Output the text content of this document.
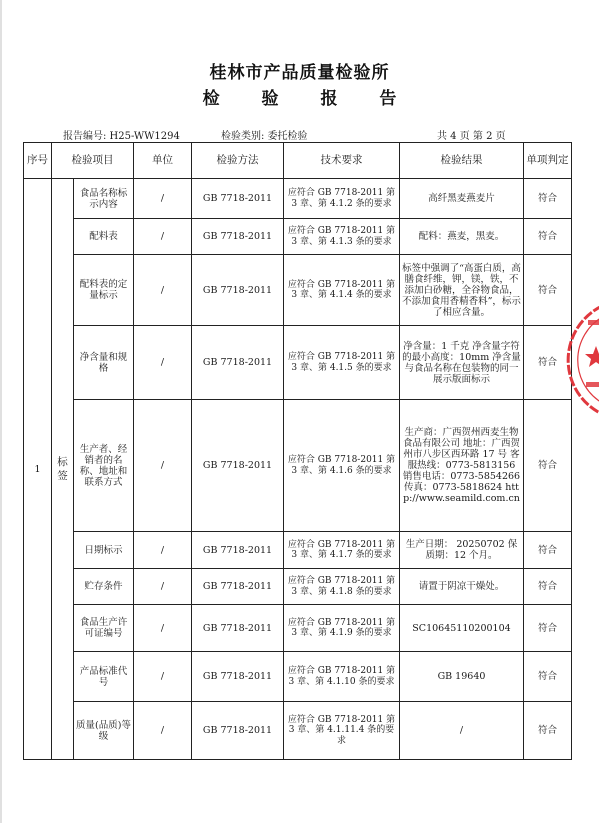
桂林市产品质量检验所
检 验 报 告
报告编号: H25-WW1294	检验类别: 委托检验	共 4 页 第 2 页
序号	检验项目		单位	检验方法	技术要求	检验结果	单项判定
1	标签	食品名称标示内容	/	GB 7718-2011	应符合 GB 7718-2011 第 3 章、第 4.1.2 条的要求	高纤黑麦燕麦片	符合
		配料表	/	GB 7718-2011	应符合 GB 7718-2011 第 3 章、第 4.1.3 条的要求	配料：燕麦，黑麦。	符合
		配料表的定量标示	/	GB 7718-2011	应符合 GB 7718-2011 第 3 章、第 4.1.4 条的要求	标签中强调了“高蛋白质，高膳食纤维，钾，镁，铁，不添加白砂糖，全谷物食品，不添加食用香精香料”，标示了相应含量。	符合
		净含量和规格	/	GB 7718-2011	应符合 GB 7718-2011 第 3 章、第 4.1.5 条的要求	净含量：1 千克 净含量字符的最小高度：10mm 净含量与食品名称在包装物的同一展示版面标示	符合
		生产者、经销者的名称、地址和联系方式	/	GB 7718-2011	应符合 GB 7718-2011 第 3 章、第 4.1.6 条的要求	生产商：广西贺州西麦生物食品有限公司 地址：广西贺州市八步区西环路 17 号 客服热线：0773-5813156 销售电话：0773-5854266 传真：0773-5818624 http://www.seamild.com.cn	符合
		日期标示	/	GB 7718-2011	应符合 GB 7718-2011 第 3 章、第 4.1.7 条的要求	生产日期： 20250702 保质期：12 个月。	符合
		贮存条件	/	GB 7718-2011	应符合 GB 7718-2011 第 3 章、第 4.1.8 条的要求	请置于阴凉干燥处。	符合
		食品生产许可证编号	/	GB 7718-2011	应符合 GB 7718-2011 第 3 章、第 4.1.9 条的要求	SC10645110200104	符合
		产品标准代号	/	GB 7718-2011	应符合 GB 7718-2011 第 3 章、第 4.1.10 条的要求	GB 19640	符合
		质量(品质)等级	/	GB 7718-2011	应符合 GB 7718-2011 第 3 章、第 4.1.11.4 条的要求	/	符合
